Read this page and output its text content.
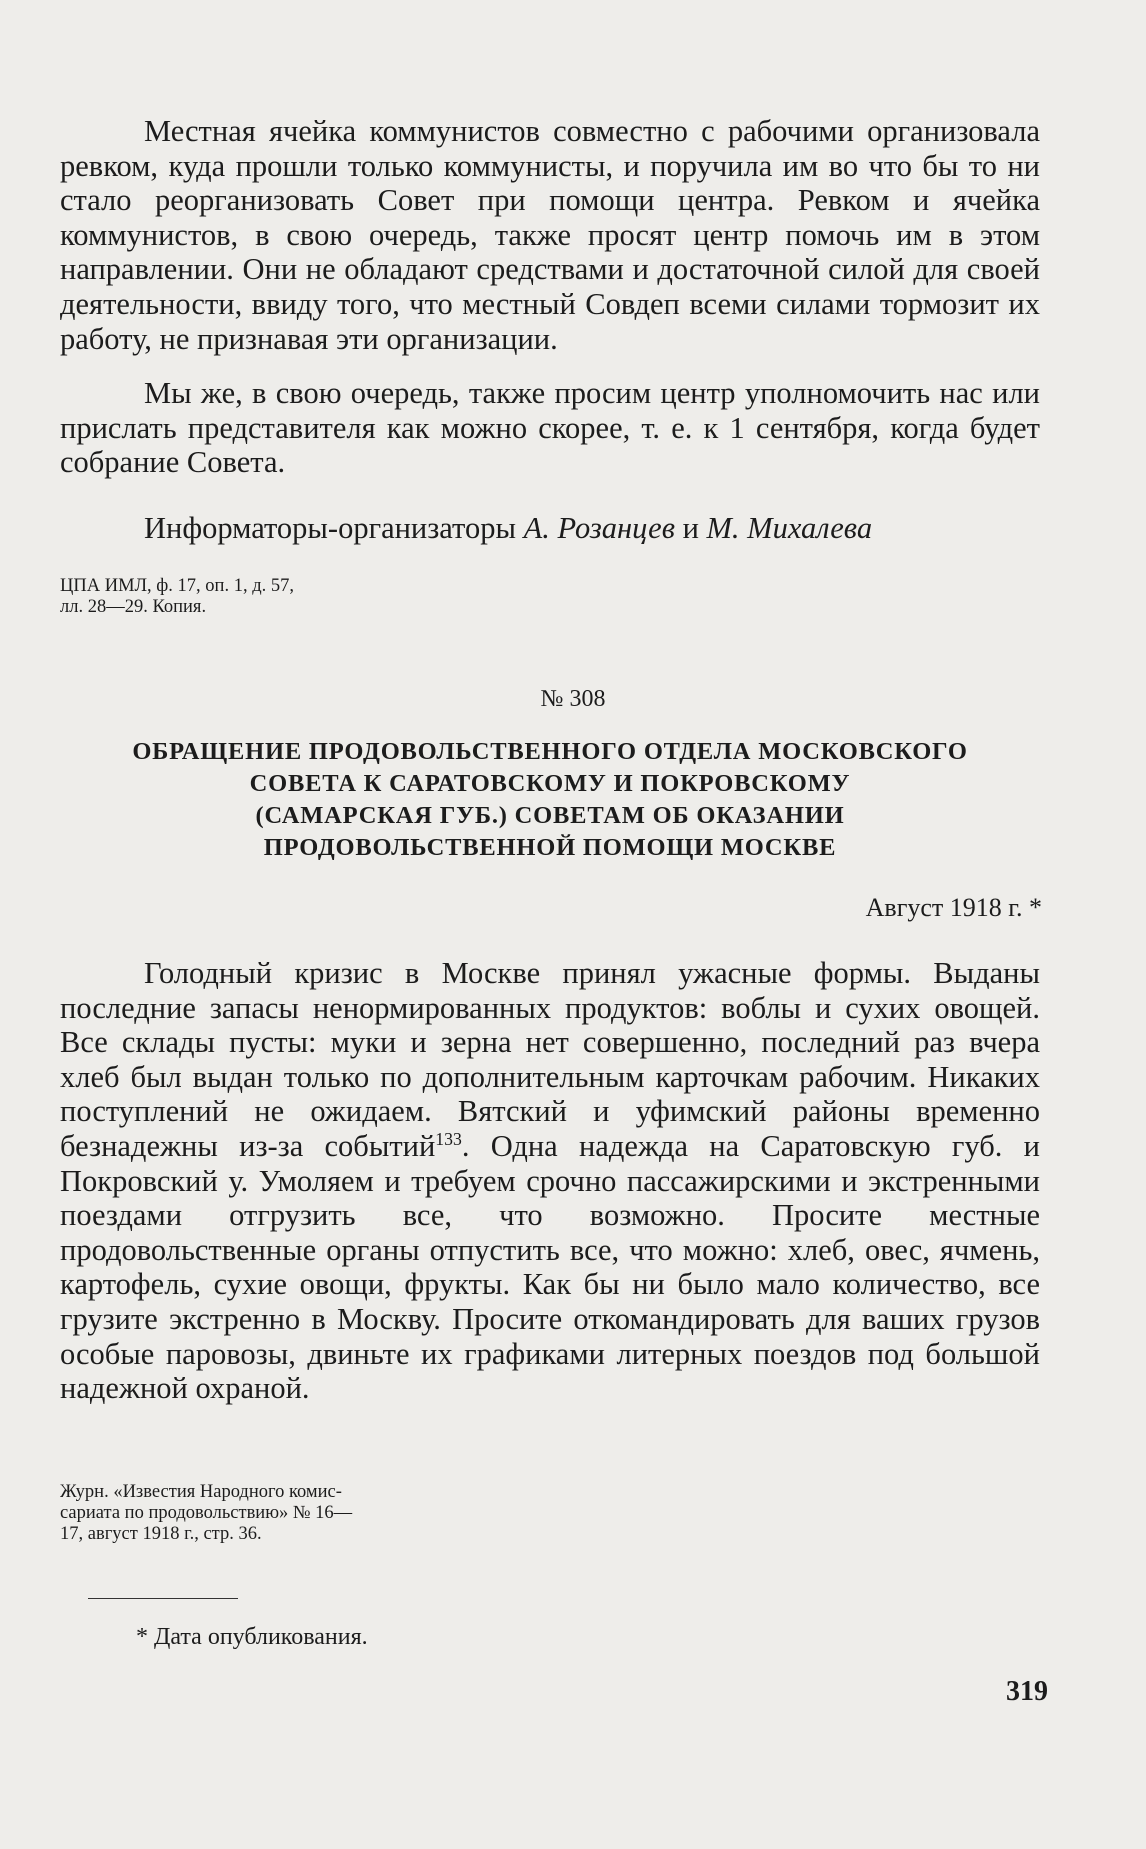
Местная ячейка коммунистов совместно с рабочими организовала ревком, куда прошли только коммунисты, и поручила им во что бы то ни стало реорганизовать Совет при помощи центра. Ревком и ячейка коммунистов, в свою очередь, также просят центр помочь им в этом направлении. Они не обладают средствами и достаточной силой для своей деятельности, ввиду того, что местный Совдеп всеми силами тормозит их работу, не признавая эти организации.

Мы же, в свою очередь, также просим центр уполномочить нас или прислать представителя как можно скорее, т. е. к 1 сентября, когда будет собрание Совета.

Информаторы-организаторы А. Розанцев и М. Михалева

ЦПА ИМЛ, ф. 17, оп. 1, д. 57,
лл. 28—29. Копия.

№ 308

ОБРАЩЕНИЕ ПРОДОВОЛЬСТВЕННОГО ОТДЕЛА МОСКОВСКОГО
СОВЕТА К САРАТОВСКОМУ И ПОКРОВСКОМУ
(САМАРСКАЯ ГУБ.) СОВЕТАМ ОБ ОКАЗАНИИ
ПРОДОВОЛЬСТВЕННОЙ ПОМОЩИ МОСКВЕ

Август 1918 г. *

Голодный кризис в Москве принял ужасные формы. Выданы последние запасы ненормированных продуктов: воблы и сухих овощей. Все склады пусты: муки и зерна нет совершенно, последний раз вчера хлеб был выдан только по дополнительным карточкам рабочим. Никаких поступлений не ожидаем. Вятский и уфимский районы временно безнадежны из-за событий$^{133}$. Одна надежда на Саратовскую губ. и Покровский у. Умоляем и требуем срочно пассажирскими и экстренными поездами отгрузить все, что возможно. Просите местные продовольственные органы отпустить все, что можно: хлеб, овес, ячмень, картофель, сухие овощи, фрукты. Как бы ни было мало количество, все грузите экстренно в Москву. Просите откомандировать для ваших грузов особые паровозы, двиньте их графиками литерных поездов под большой надежной охраной.

Журн. «Известия Народного комис-
сариата по продовольствию» № 16—
17, август 1918 г., стр. 36.

* Дата опубликования.

319
